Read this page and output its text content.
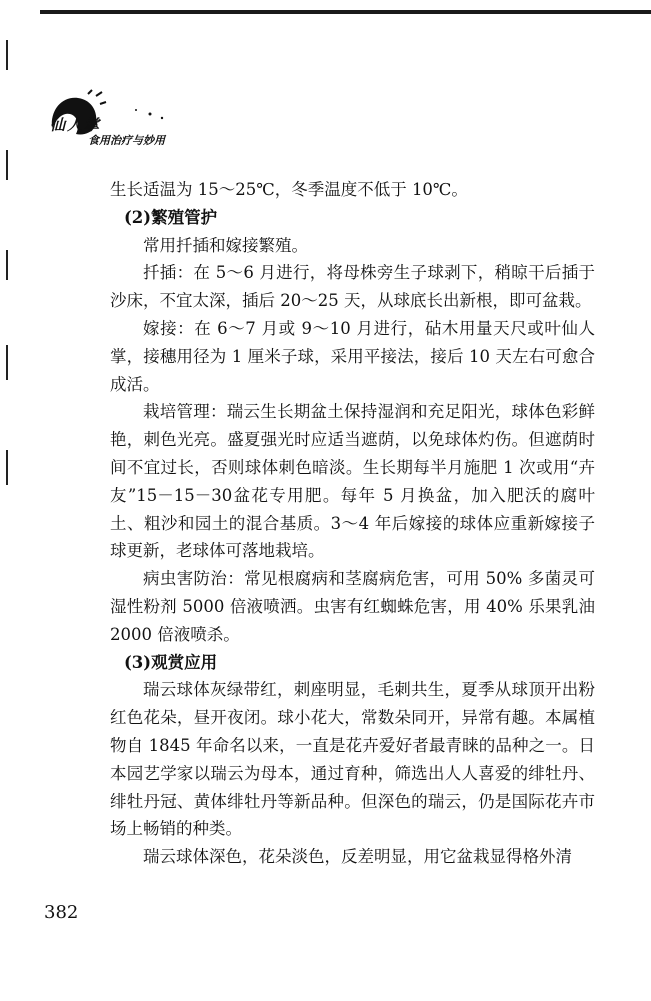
仙人掌
食用治疗与妙用

生长适温为 15～25℃，冬季温度不低于 10℃。

(2)繁殖管护

常用扦插和嫁接繁殖。

扦插：在 5～6 月进行，将母株旁生子球剥下，稍晾干后插于沙床，不宜太深，插后 20～25 天，从球底长出新根，即可盆栽。

嫁接：在 6～7 月或 9～10 月进行，砧木用量天尺或叶仙人掌，接穗用径为 1 厘米子球，采用平接法，接后 10 天左右可愈合成活。

栽培管理：瑞云生长期盆土保持湿润和充足阳光，球体色彩鲜艳，刺色光亮。盛夏强光时应适当遮荫，以免球体灼伤。但遮荫时间不宜过长，否则球体刺色暗淡。生长期每半月施肥 1 次或用“卉友”15－15－30盆花专用肥。每年 5 月换盆，加入肥沃的腐叶土、粗沙和园土的混合基质。3～4 年后嫁接的球体应重新嫁接子球更新，老球体可落地栽培。

病虫害防治：常见根腐病和茎腐病危害，可用 50% 多菌灵可湿性粉剂 5000 倍液喷洒。虫害有红蜘蛛危害，用 40% 乐果乳油 2000 倍液喷杀。

(3)观赏应用

瑞云球体灰绿带红，刺座明显，毛刺共生，夏季从球顶开出粉红色花朵，昼开夜闭。球小花大，常数朵同开，异常有趣。本属植物自 1845 年命名以来，一直是花卉爱好者最青睐的品种之一。日本园艺学家以瑞云为母本，通过育种，筛选出人人喜爱的绯牡丹、绯牡丹冠、黄体绯牡丹等新品种。但深色的瑞云，仍是国际花卉市场上畅销的种类。

瑞云球体深色，花朵淡色，反差明显，用它盆栽显得格外清

382
